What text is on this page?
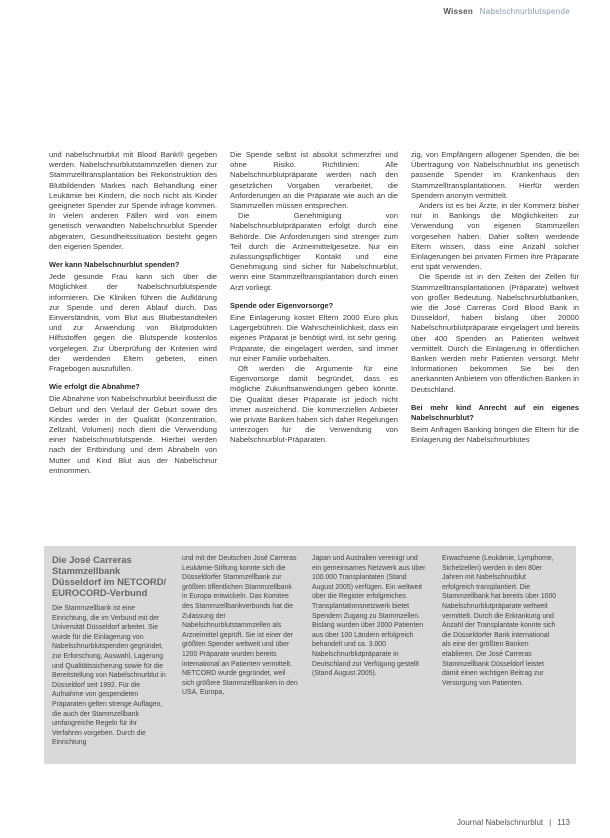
Wissen Nabelschnurblutspende

und nabelschnurblut mit Blood Bank® gegeben werden. Nabelschnurblutstammzellen dienen zur Stammzelltransplantation bei Rekonstruktion des Blutbildenden Markes nach Behandlung einer Leukämie bei Kindern, die noch nicht als Kinder geeigneter Spender zur Spende infrage kommen. In vielen anderen Fällen wird von einem genetisch verwandten Nabelschnurblut Spender abgeraten, Gesundheitssituation besteht gegen den eigenen Spender.

Wer kann Nabelschnurblut spenden?

Jede gesunde Frau kann sich über die Möglichkeit der Nabelschnurblutspende informieren. Die Kliniken führen die Aufklärung zur Spende und deren Ablauf durch. Das Einverständnis, vom Blut aus Blutbestandteilen und zur Anwendung von Blutprodukten Hilfsstoffen gegen die Blutspende kostenlos vorgelegen. Zur Überprüfung der Kriterien wird der werdenden Eltern gebeten, einen Fragebogen auszufüllen.

Wie erfolgt die Abnahme?

Die Abnahme von Nabelschnurblut beeinflusst die Geburt und den Verlauf der Geburt sowie des Kindes weder in der Qualität (Konzentration, Zellzahl, Volumen) noch dient die Verwendung einer Nabelschnurblutspende. Hierbei werden nach der Entbindung und dem Abnabeln von Mutter und Kind Blut aus der Nabelschnur entnommen.

Die Spende selbst ist absolut schmerzfrei und ohne Risiko. Richtlinien: Alle Nabelschnurblutpräparate werden nach den gesetzlichen Vorgaben verarbeitet, die Anforderungen an die Präparate wie auch an die Stammzellen müssen entsprechen.

Die Genehmigung von Nabelschnurblutpräparaten erfolgt durch eine Behörde. Die Anforderungen sind strenger zum Teil durch die Arzneimittelgesetze. Nur ein zulassungspflichtiger Kontakt und eine Genehmigung sind sicher für Nabelschnurblut, wenn eine Stammzelltransplantation durch einen Arzt vorliegt.

Spende oder Eigenvorsorge?

Eine Einlagerung kostet Eltern 2000 Euro plus Lagergebühren. Die Wahrscheinlichkeit, dass ein eigenes Präparat je benötigt wird, ist sehr gering. Präparate, die eingelagert werden, sind immer nur einer Familie vorbehalten.

Oft werden die Argumente für eine Eigenvorsorge damit begründet, dass es mögliche Zukunftsanwendungen geben könnte. Die Qualität dieser Präparate ist jedoch nicht immer ausreichend. Die kommerziellen Anbieter wie private Banken haben sich daher Regelungen unterzogen für die Verwendung von Nabelschnurblut-Präparaten.

zig, von Empfängern allogener Spenden, die bei Übertragung von Nabelschnurblut ins genetisch passende Spender im Krankenhaus den Stammzelltransplantationen. Hierfür werden Spendern anonym vermittelt.

Anders ist es bei Ärzte, in der Kommerz bisher nur in Bankings die Möglichkeiten zur Verwendung von eigenen Stammzellen vorgesehen haben. Daher sollten werdende Eltern wissen, dass eine Anzahl solcher Einlagerungen bei privaten Firmen ihre Präparate erst spät verwenden.

Die Spende ist in den Zeiten der Zellen für Stammzelltransplantationen (Präparate) weltweit von großer Bedeutung. Nabelschnurblutbanken, wie die José Carreras Cord Blood Bank in Düsseldorf, haben bislang über 20000 Nabelschnurblutpräparate eingelagert und bereits über 400 Spenden an Patienten weltweit vermittelt. Durch die Einlagerung in öffentlichen Banken werden mehr Patienten versorgt. Mehr Informationen bekommen Sie bei den anerkannten Anbietern von öffentlichen Banken in Deutschland.

Bei mehr kind Anrecht auf ein eigenes Nabelschnurblut?

Beim Anfragen Banking bringen die Eltern für die Einlagerung der Nabelschnurblutes

Die José Carreras Stammzellbank Düsseldorf im NETCORD/ EUROCORD-Verbund

Die Stammzellbank ist eine Einrichtung, die im Verbund mit der Universität Düsseldorf arbeitet. Sie wurde für die Einlagerung von Nabelschnurblutspenden gegründet, zur Erforschung, Auswahl, Lagerung und Qualitätssicherung sowie für die Bereitstellung von Nabelschnurblut in Düsseldorf seit 1992. Für die Aufnahme von gespendeten Präparaten gelten strenge Auflagen, die auch der Stammzellbank umfangreiche Regeln für ihr Verfahren vorgeben. Durch die Einrichtung

und mit der Deutschen José Carreras Leukämie-Stiftung konnte sich die Düsseldorfer Stammzellbank zur größten öffentlichen Stammzellbank in Europa entwickeln. Das Komitee des Stammzellbankverbunds hat die Zulassung der Nabelschnurblutstammzellen als Arzneimittel geprüft. Sie ist einer der größten Spender weltweit und über 1200 Präparate wurden bereits international an Patienten vermittelt. NETCORD wurde gegründet, weil sich größere Stammzellbanken in den USA, Europa,

Japan und Australien vereinigt und ein gemeinsames Netzwerk aus über 100.000 Transplantaten (Stand August 2005) verfügen. Ein weltweit über die Register erfolgreiches Transplantationsnetzwerk bietet Spendern Zugang zu Stammzellen. Bislang wurden über 2000 Patienten aus über 100 Ländern erfolgreich behandelt und ca. 3.000 Nabelschnurblutpräparate in Deutschland zur Verfügung gestellt (Stand August 2005).

Erwachsene (Leukämie, Lymphome, Sichelzellen) werden in den 80er Jahren mit Nabelschnurblut erfolgreich transplantiert. Die Stammzellbank hat bereits über 1000 Nabelschnurblutpräparate weltweit vermittelt. Durch die Erkrankung und Anzahl der Transplantate konnte sich die Düsseldorfer Bank international als eine der größten Banken etablieren. Die José Carreras Stammzellbank Düsseldorf leistet damit einen wichtigen Beitrag zur Versorgung von Patienten.

Journal Nabelschnurblut | 113
